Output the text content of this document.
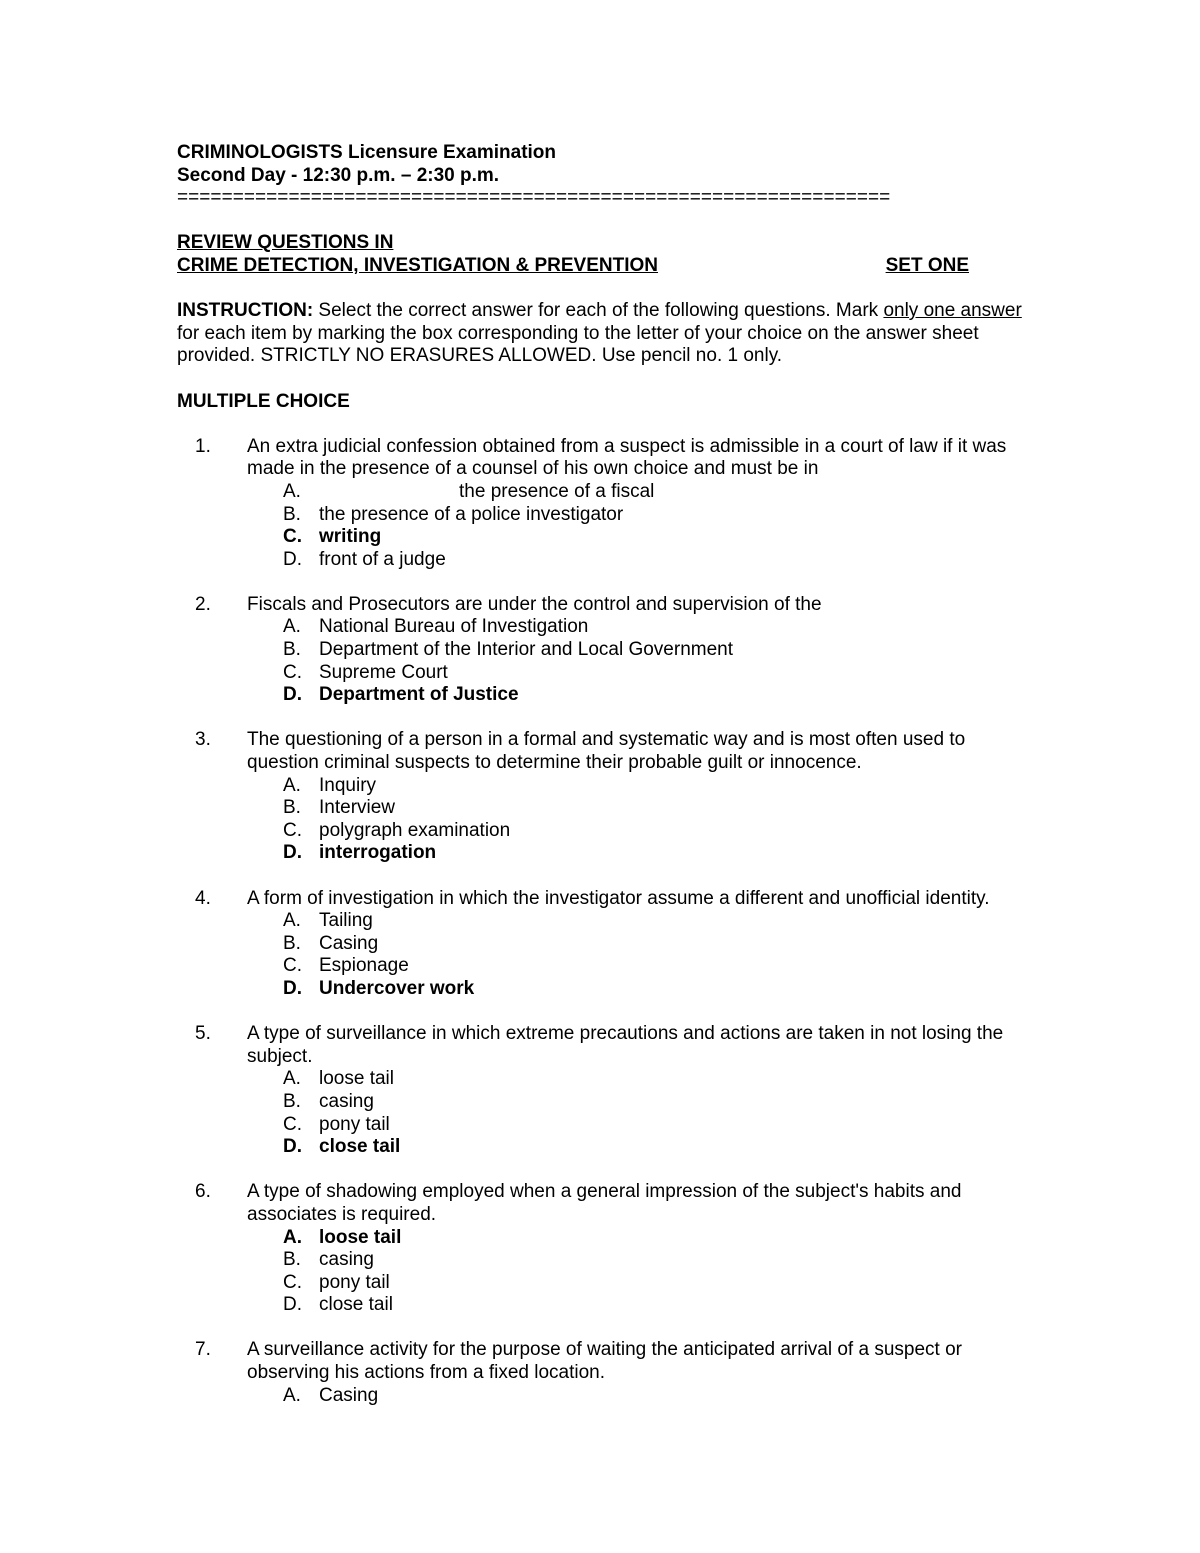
CRIMINOLOGISTS Licensure Examination
Second Day - 12:30 p.m. – 2:30 p.m.
================================================================
REVIEW QUESTIONS IN
CRIME DETECTION, INVESTIGATION & PREVENTION	SET ONE
INSTRUCTION: Select the correct answer for each of the following questions. Mark only one answer for each item by marking the box corresponding to the letter of your choice on the answer sheet provided. STRICTLY NO ERASURES ALLOWED. Use pencil no. 1 only.
MULTIPLE CHOICE
1.	An extra judicial confession obtained from a suspect is admissible in a court of law if it was made in the presence of a counsel of his own choice and must be in
A.	the presence of a fiscal
B. the presence of a police investigator
C. writing
D. front of a judge
2.	Fiscals and Prosecutors are under the control and supervision of the
A. National Bureau of Investigation
B. Department of the Interior and Local Government
C. Supreme Court
D. Department of Justice
3.	The questioning of a person in a formal and systematic way and is most often used to question criminal suspects to determine their probable guilt or innocence.
A. Inquiry
B. Interview
C. polygraph examination
D. interrogation
4.	A form of investigation in which the investigator assume a different and unofficial identity.
A. Tailing
B. Casing
C. Espionage
D. Undercover work
5.	A type of surveillance in which extreme precautions and actions are taken in not losing the subject.
A. loose tail
B. casing
C. pony tail
D. close tail
6.	A type of shadowing employed when a general impression of the subject's habits and associates is required.
A. loose tail
B. casing
C. pony tail
D. close tail
7.	A surveillance activity for the purpose of waiting the anticipated arrival of a suspect or observing his actions from a fixed location.
A. Casing
